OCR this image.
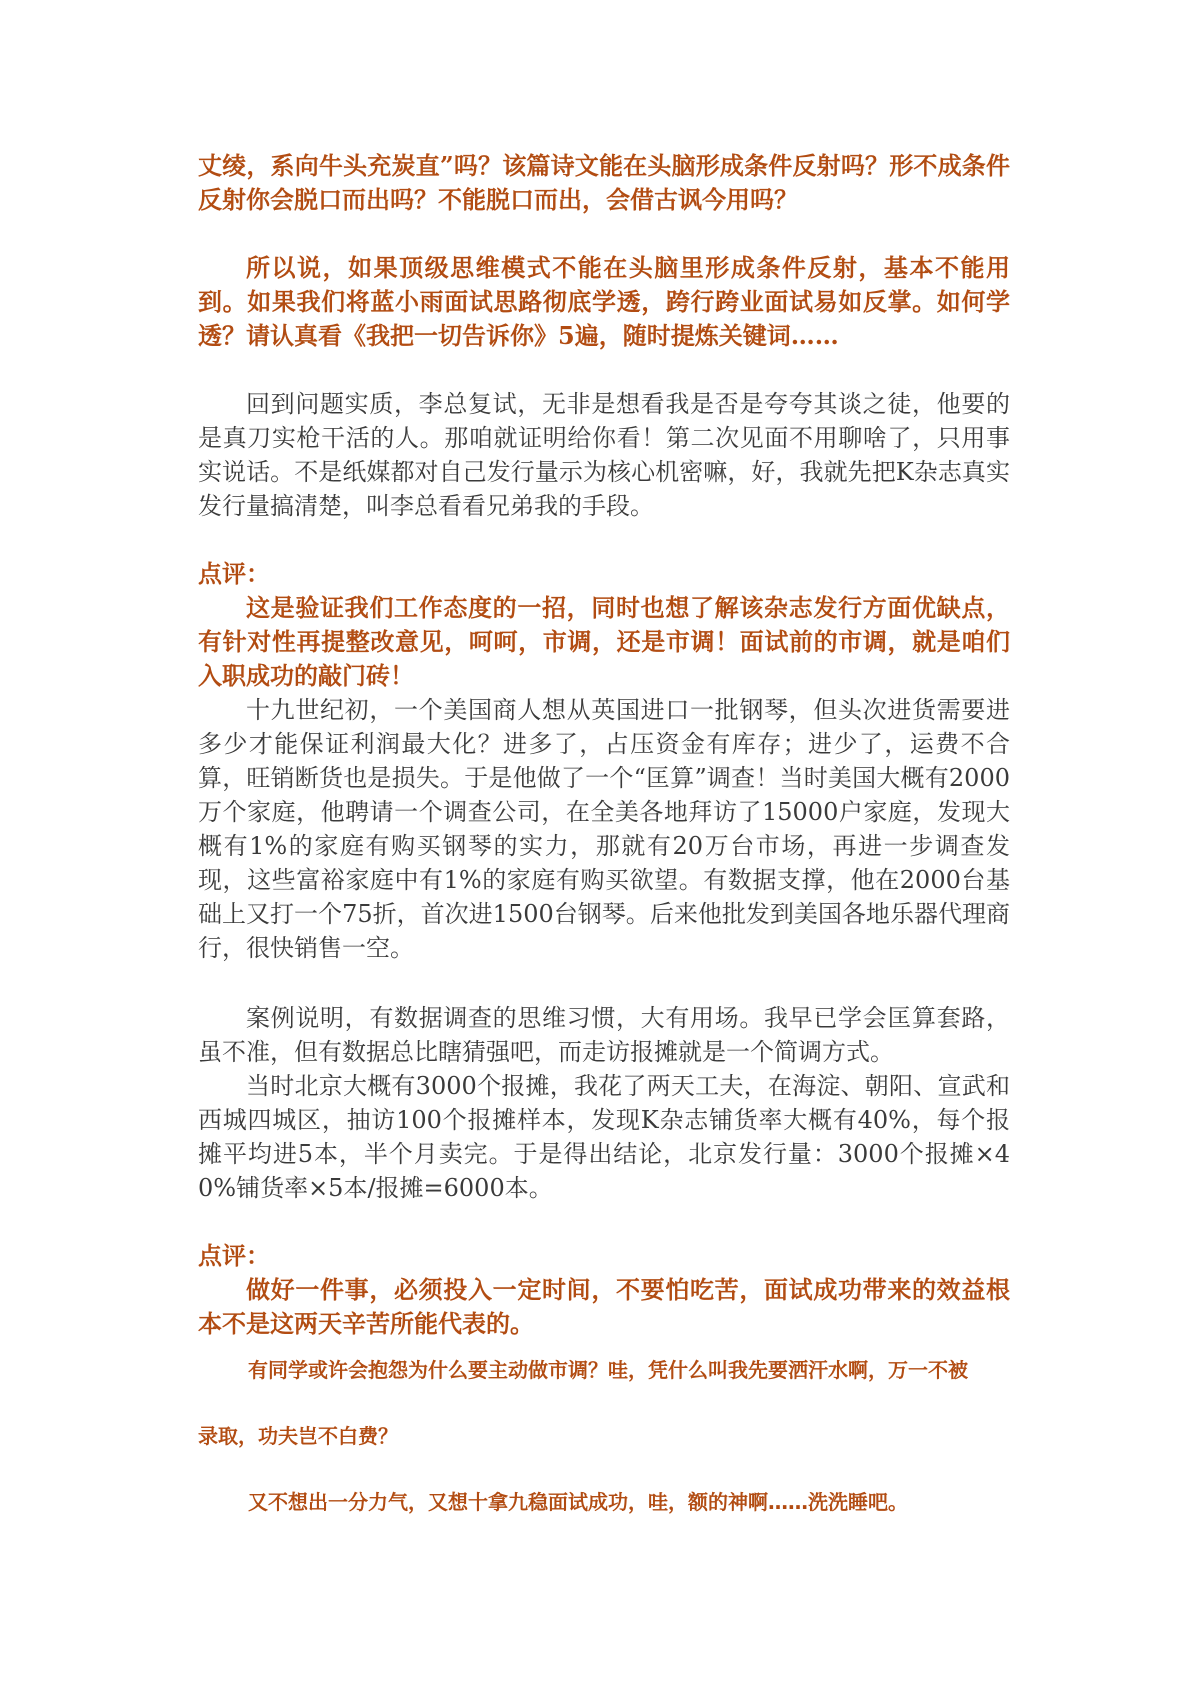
丈绫，系向牛头充炭直”吗？该篇诗文能在头脑形成条件反射吗？形不成条件反射你会脱口而出吗？不能脱口而出，会借古讽今用吗？

所以说，如果顶级思维模式不能在头脑里形成条件反射，基本不能用到。如果我们将蓝小雨面试思路彻底学透，跨行跨业面试易如反掌。如何学透？请认真看《我把一切告诉你》5遍，随时提炼关键词……

回到问题实质，李总复试，无非是想看我是否是夸夸其谈之徒，他要的是真刀实枪干活的人。那咱就证明给你看！第二次见面不用聊啥了，只用事实说话。不是纸媒都对自己发行量示为核心机密嘛，好，我就先把K杂志真实发行量搞清楚，叫李总看看兄弟我的手段。

点评：

这是验证我们工作态度的一招，同时也想了解该杂志发行方面优缺点，有针对性再提整改意见，呵呵，市调，还是市调！面试前的市调，就是咱们入职成功的敲门砖！

十九世纪初，一个美国商人想从英国进口一批钢琴，但头次进货需要进多少才能保证利润最大化？进多了，占压资金有库存；进少了，运费不合算，旺销断货也是损失。于是他做了一个“匡算”调查！当时美国大概有2000万个家庭，他聘请一个调查公司，在全美各地拜访了15000户家庭，发现大概有1%的家庭有购买钢琴的实力，那就有20万台市场，再进一步调查发现，这些富裕家庭中有1%的家庭有购买欲望。有数据支撑，他在2000台基础上又打一个75折，首次进1500台钢琴。后来他批发到美国各地乐器代理商行，很快销售一空。

案例说明，有数据调查的思维习惯，大有用场。我早已学会匡算套路，虽不准，但有数据总比瞎猜强吧，而走访报摊就是一个简调方式。

当时北京大概有3000个报摊，我花了两天工夫，在海淀、朝阳、宣武和西城四城区，抽访100个报摊样本，发现K杂志铺货率大概有40%，每个报摊平均进5本，半个月卖完。于是得出结论，北京发行量：3000个报摊×40%铺货率×5本/报摊=6000本。

点评：

做好一件事，必须投入一定时间，不要怕吃苦，面试成功带来的效益根本不是这两天辛苦所能代表的。

有同学或许会抱怨为什么要主动做市调？哇，凭什么叫我先要洒汗水啊，万一不被

录取，功夫岂不白费？

又不想出一分力气，又想十拿九稳面试成功，哇，额的神啊……洗洗睡吧。
